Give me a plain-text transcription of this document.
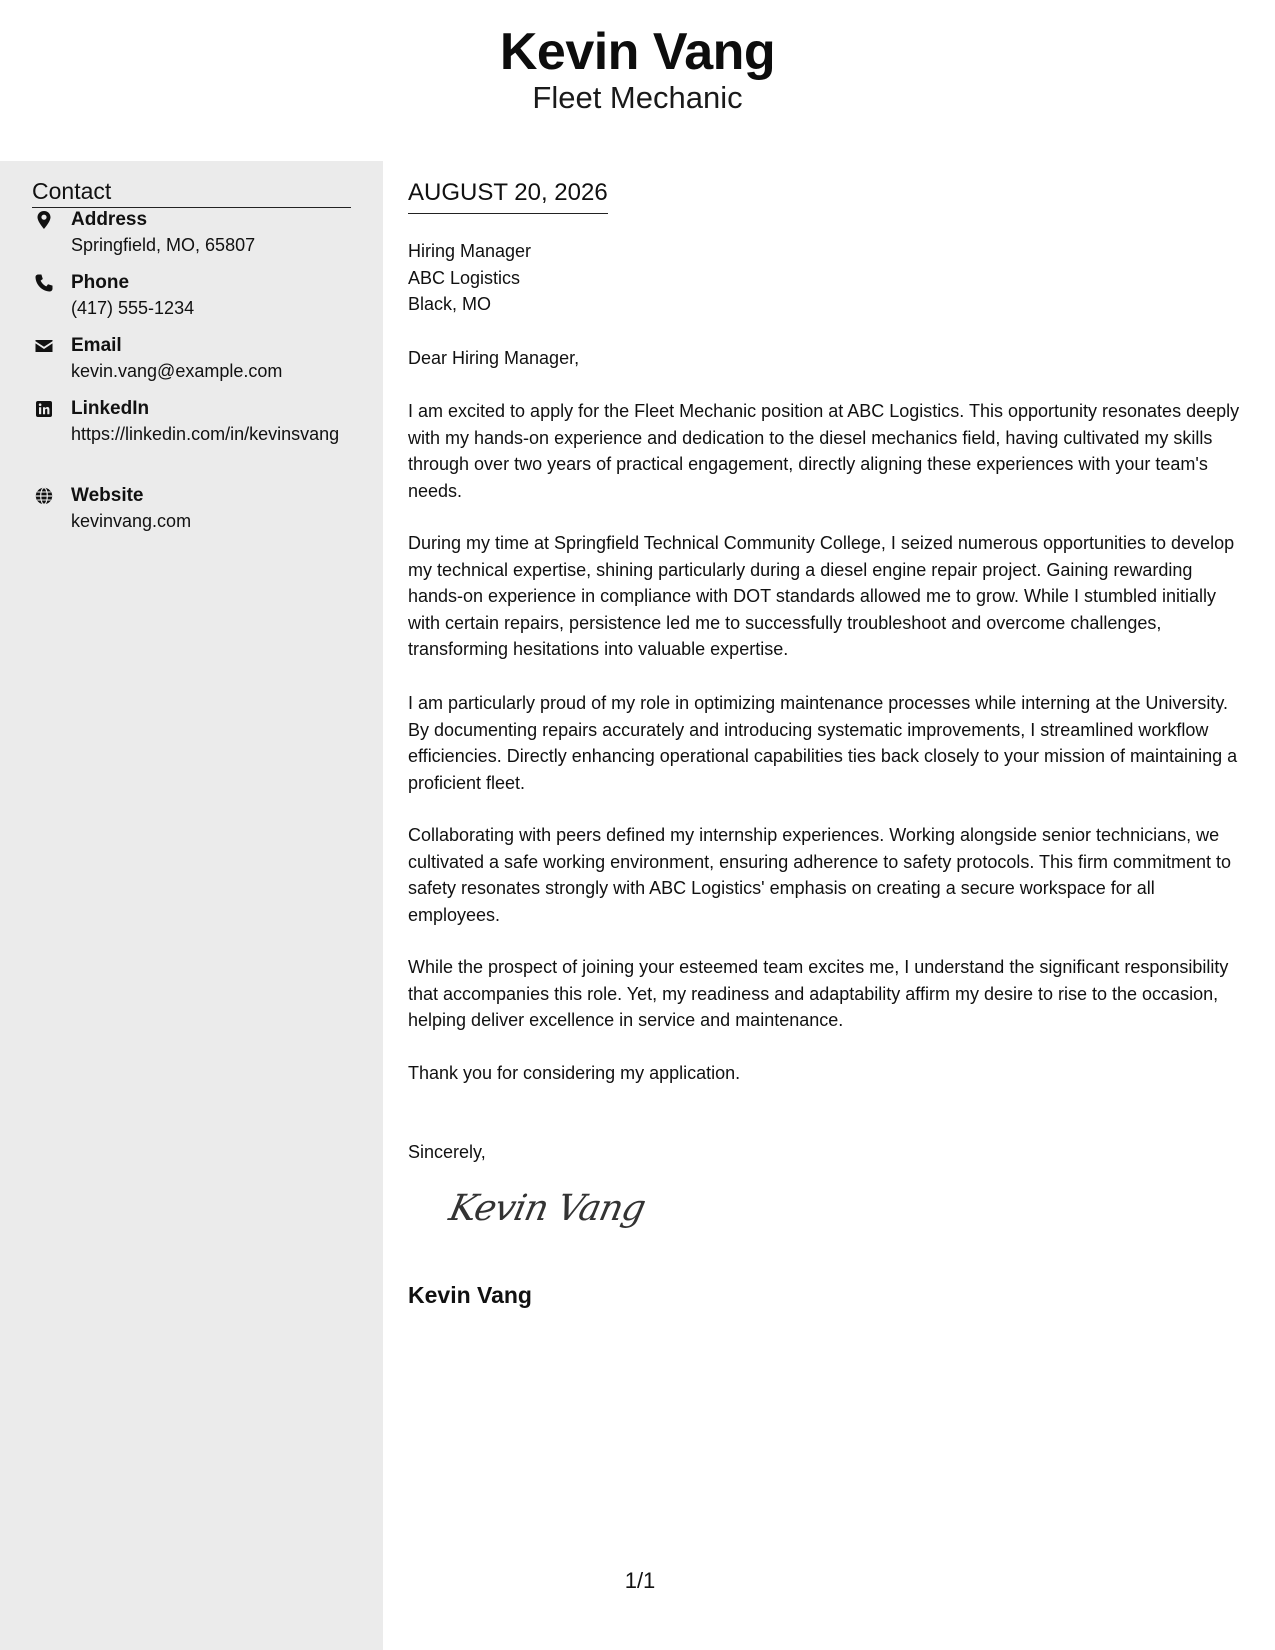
Kevin Vang
Fleet Mechanic
Contact
Address
Springfield, MO, 65807
Phone
(417) 555-1234
Email
kevin.vang@example.com
LinkedIn
https://linkedin.com/in/kevinsvang
Website
kevinvang.com
AUGUST 20, 2026
Hiring Manager
ABC Logistics
Black, MO

Dear Hiring Manager,

I am excited to apply for the Fleet Mechanic position at ABC Logistics. This opportunity resonates deeply with my hands-on experience and dedication to the diesel mechanics field, having cultivated my skills through over two years of practical engagement, directly aligning these experiences with your team's needs.

During my time at Springfield Technical Community College, I seized numerous opportunities to develop my technical expertise, shining particularly during a diesel engine repair project. Gaining rewarding hands-on experience in compliance with DOT standards allowed me to grow. While I stumbled initially with certain repairs, persistence led me to successfully troubleshoot and overcome challenges, transforming hesitations into valuable expertise.

I am particularly proud of my role in optimizing maintenance processes while interning at the University. By documenting repairs accurately and introducing systematic improvements, I streamlined workflow efficiencies. Directly enhancing operational capabilities ties back closely to your mission of maintaining a proficient fleet.

Collaborating with peers defined my internship experiences. Working alongside senior technicians, we cultivated a safe working environment, ensuring adherence to safety protocols. This firm commitment to safety resonates strongly with ABC Logistics' emphasis on creating a secure workspace for all employees.

While the prospect of joining your esteemed team excites me, I understand the significant responsibility that accompanies this role. Yet, my readiness and adaptability affirm my desire to rise to the occasion, helping deliver excellence in service and maintenance.

Thank you for considering my application.

Sincerely,

Kevin Vang
Kevin Vang
1/1
